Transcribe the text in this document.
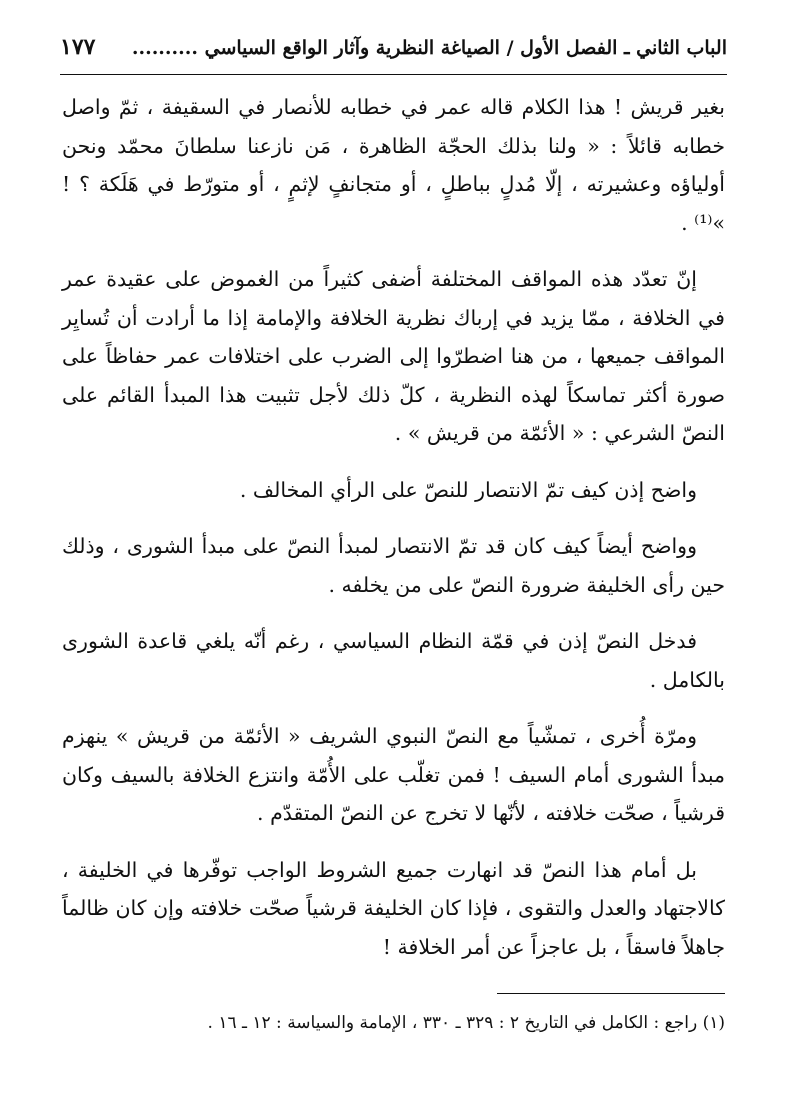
الباب الثاني ـ الفصل الأول / الصياغة النظرية وآثار الواقع السياسي ..........
١٧٧

بغير قريش ! هذا الكلام قاله عمر في خطابه للأنصار في السقيفة ، ثمّ واصل خطابه قائلاً : « ولنا بذلك الحجّة الظاهرة ، مَن نازعنا سلطانَ محمّد ونحن أولياؤه وعشيرته ، إلّا مُدلٍ بباطلٍ ، أو متجانفٍ لإثمٍ ، أو متورّط في هَلَكة ؟ ! »⁽¹⁾ .

إنّ تعدّد هذه المواقف المختلفة أضفى كثيراً من الغموض على عقيدة عمر في الخلافة ، ممّا يزيد في إرباك نظرية الخلافة والإمامة إذا ما أرادت أن تُسايِر المواقف جميعها ، من هنا اضطرّوا إلى الضرب على اختلافات عمر حفاظاً على صورة أكثر تماسكاً لهذه النظرية ، كلّ ذلك لأجل تثبيت هذا المبدأ القائم على النصّ الشرعي : « الأئمّة من قريش » .

واضح إذن كيف تمّ الانتصار للنصّ على الرأي المخالف .

وواضح أيضاً كيف كان قد تمّ الانتصار لمبدأ النصّ على مبدأ الشورى ، وذلك حين رأى الخليفة ضرورة النصّ على من يخلفه .

فدخل النصّ إذن في قمّة النظام السياسي ، رغم أنّه يلغي قاعدة الشورى بالكامل .

ومرّة أُخرى ، تمشّياً مع النصّ النبوي الشريف « الأئمّة من قريش » ينهزم مبدأ الشورى أمام السيف ! فمن تغلّب على الأُمّة وانتزع الخلافة بالسيف وكان قرشياً ، صحّت خلافته ، لأنّها لا تخرج عن النصّ المتقدّم .

بل أمام هذا النصّ قد انهارت جميع الشروط الواجب توفّرها في الخليفة ، كالاجتهاد والعدل والتقوى ، فإذا كان الخليفة قرشياً صحّت خلافته وإن كان ظالماً جاهلاً فاسقاً ، بل عاجزاً عن أمر الخلافة !

(١) راجع : الكامل في التاريخ ٢ : ٣٢٩ ـ ٣٣٠ ، الإمامة والسياسة : ١٢ ـ ١٦ .
